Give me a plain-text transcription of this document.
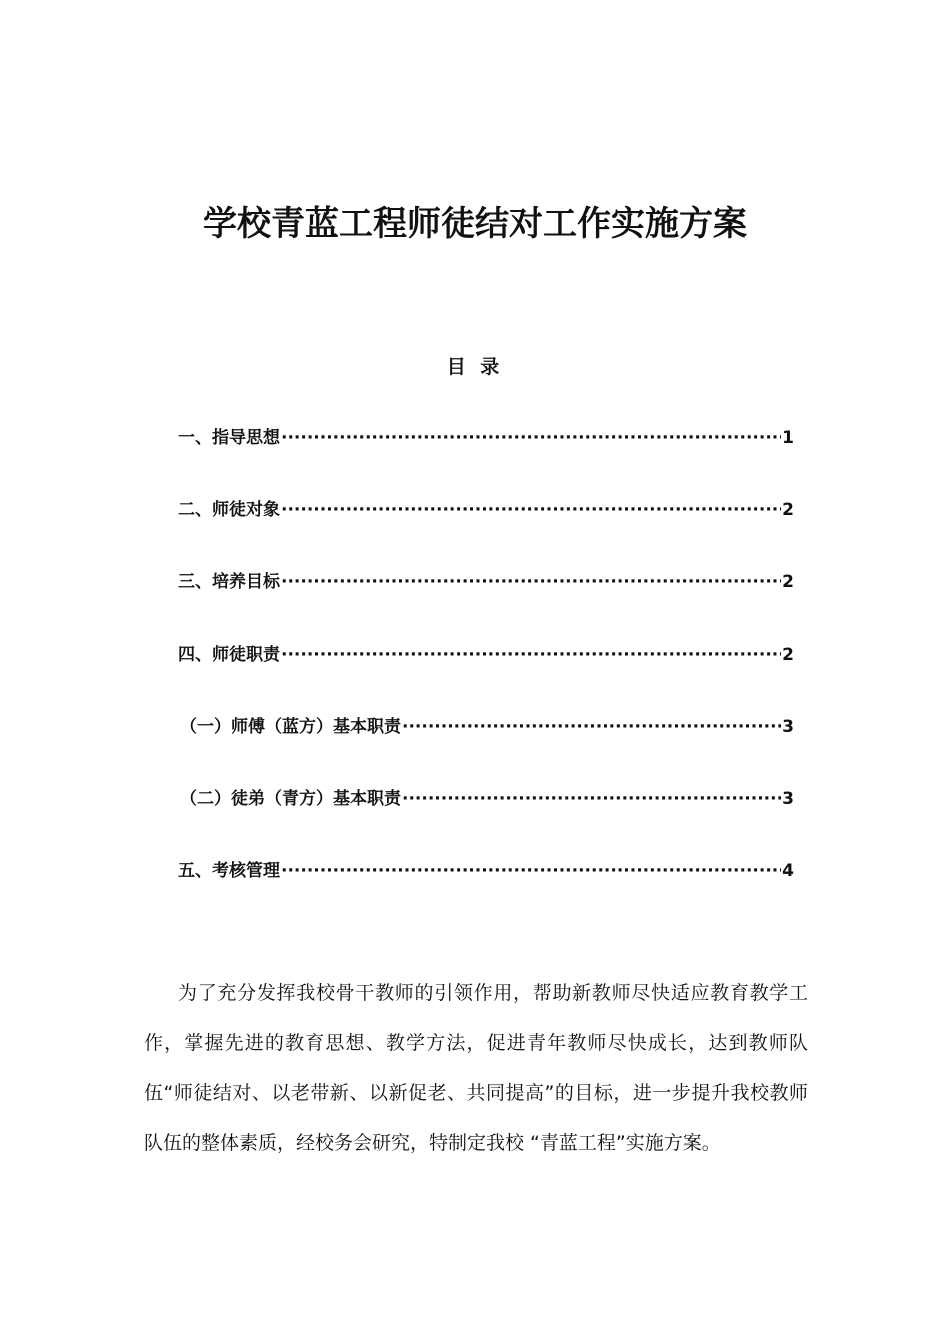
学校青蓝工程师徒结对工作实施方案
目 录
一、指导思想 ·····	1
二、师徒对象 ·····	2
三、培养目标 ·····	2
四、师徒职责 ·····	2
（一）师傅（蓝方）基本职责 ·····	3
（二）徒弟（青方）基本职责 ·····	3
五、考核管理 ·····	4

为了充分发挥我校骨干教师的引领作用，帮助新教师尽快适应教育教学工作，掌握先进的教育思想、教学方法，促进青年教师尽快成长，达到教师队伍“师徒结对、以老带新、以新促老、共同提高”的目标，进一步提升我校教师队伍的整体素质，经校务会研究，特制定我校 “青蓝工程”实施方案。
